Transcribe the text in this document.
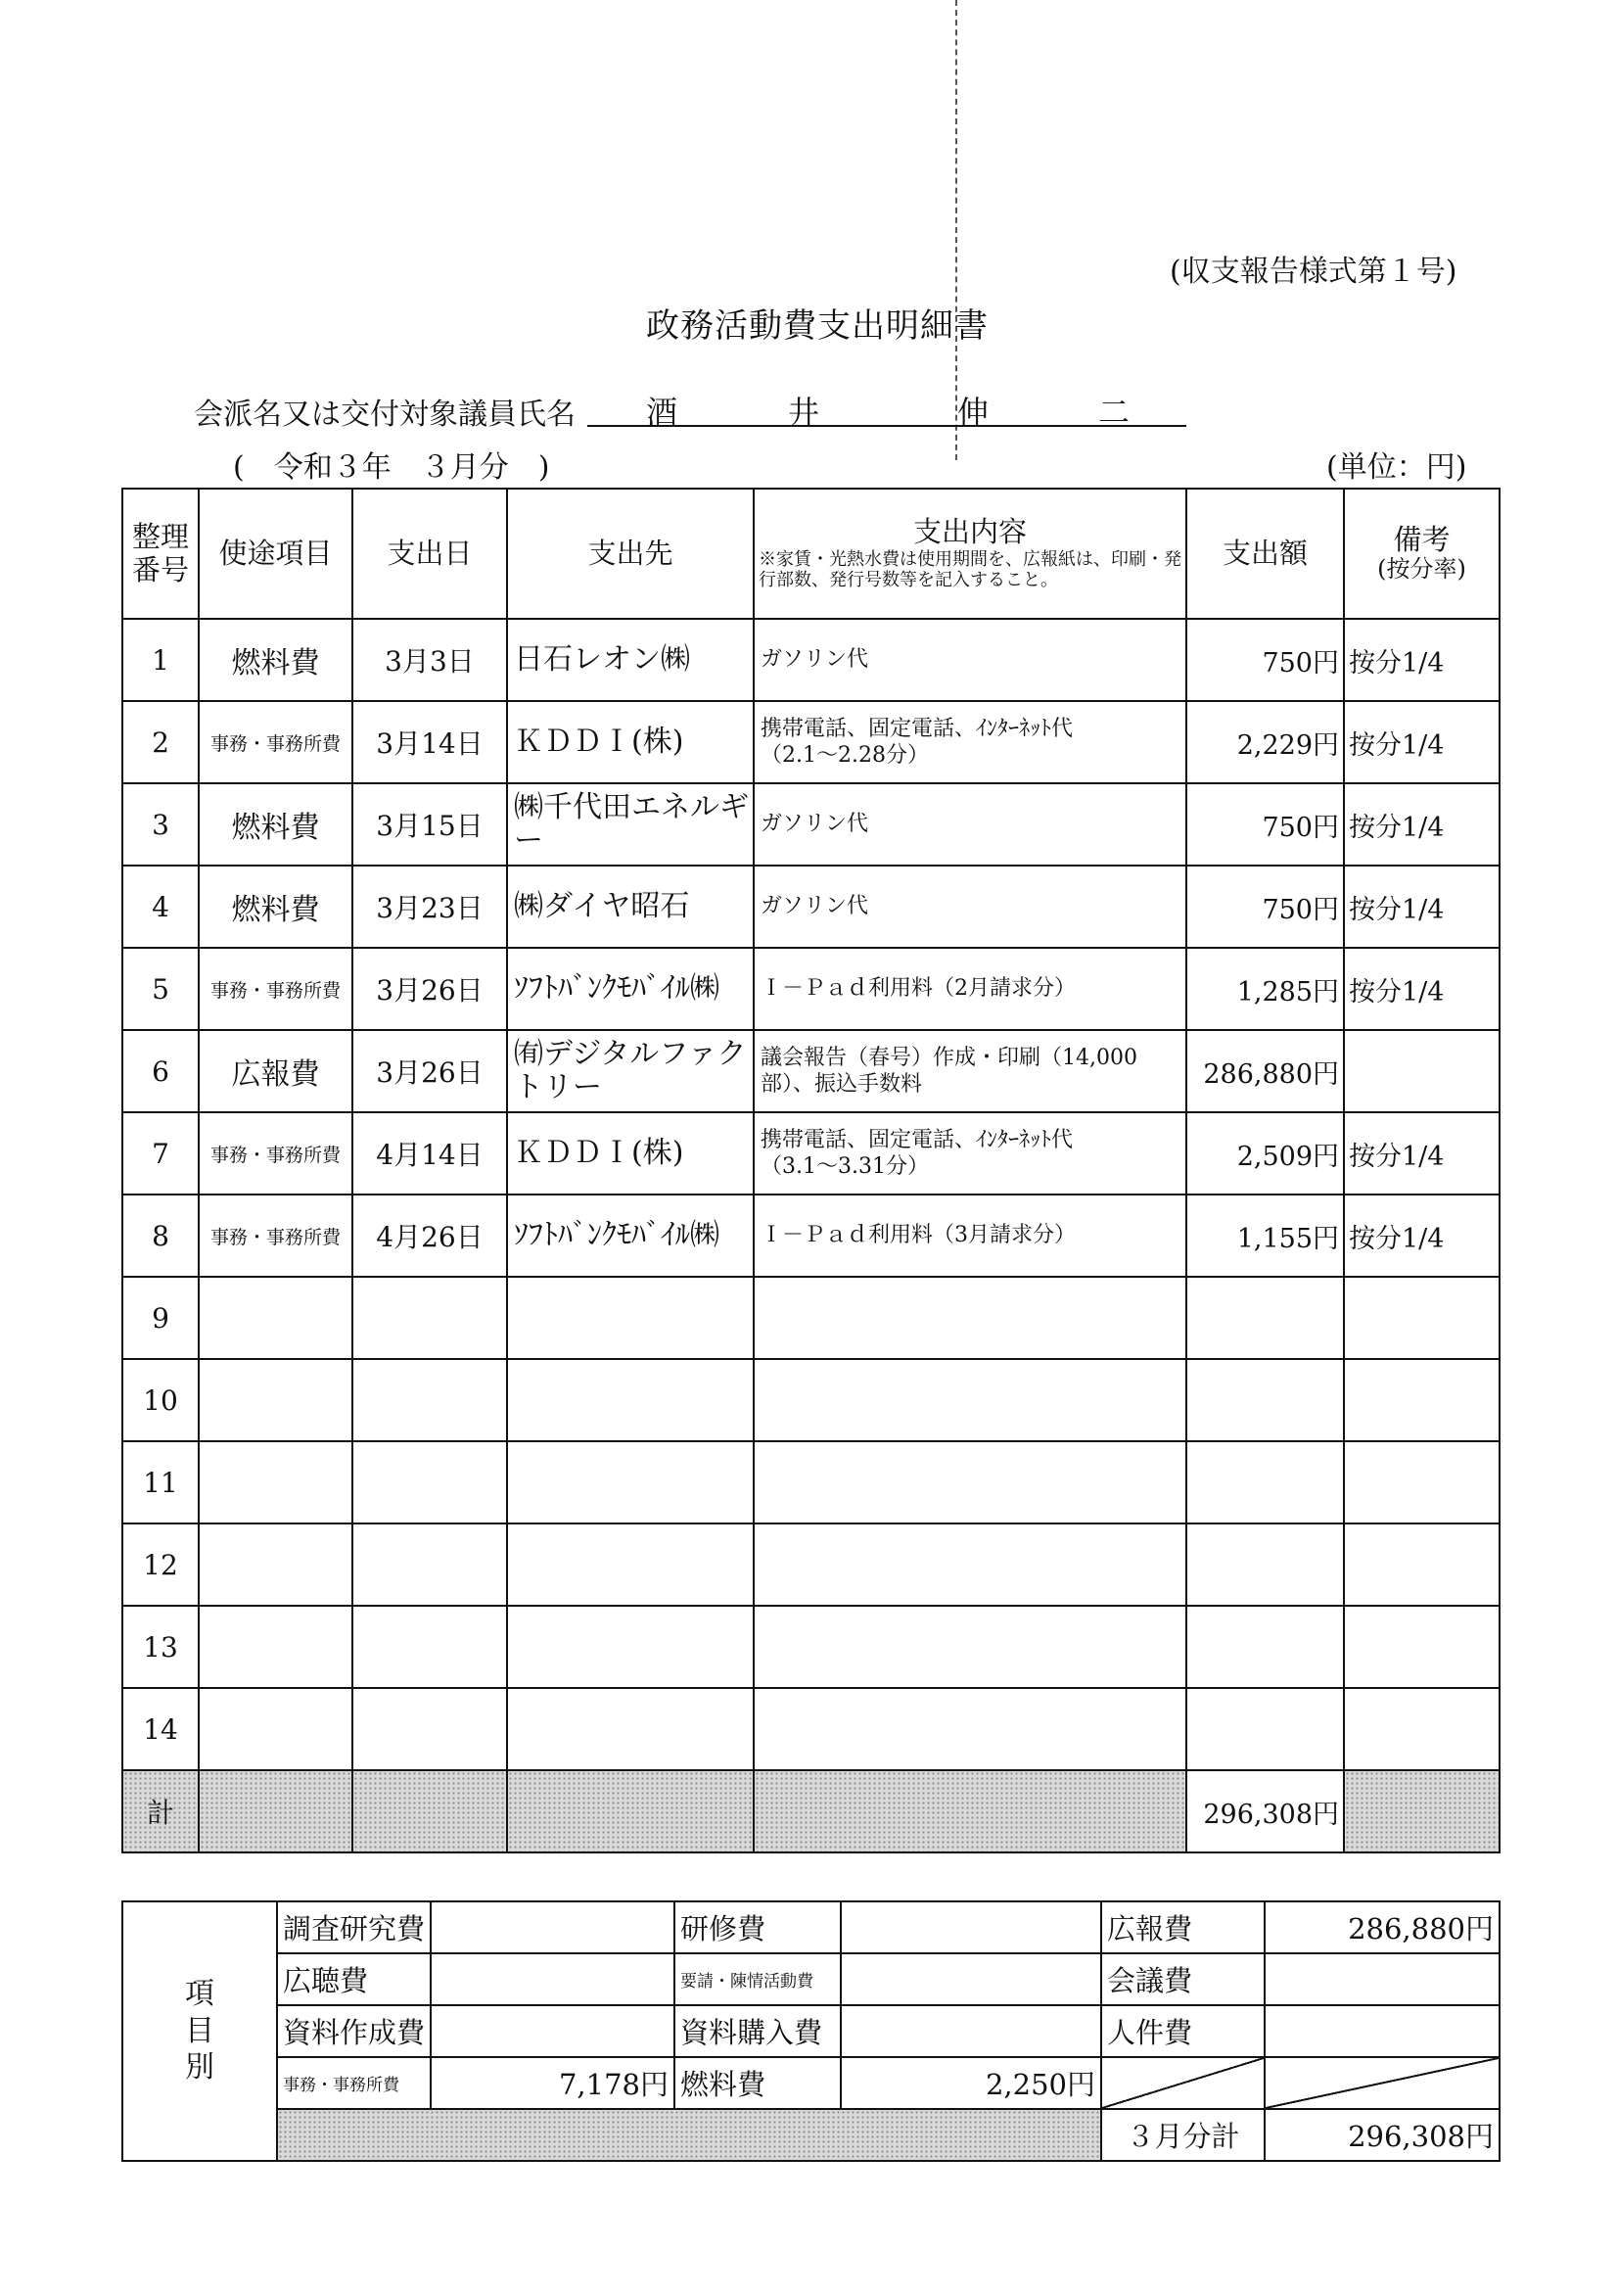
(収支報告様式第１号)
政務活動費支出明細書
会派名又は交付対象議員氏名 酒	井	伸	二
(　令和３年　３月分　)	(単位：円)
整理番号	使途項目	支出日	支出先	支出内容
※家賃・光熱水費は使用期間を、広報紙は、印刷・発行部数、発行号数等を記入すること。	支出額	備考
(按分率)

1	燃料費	3月3日	日石レオン㈱	ガソリン代	750円	按分1/4
2	事務・事務所費	3月14日	ＫＤＤＩ(株)	携帯電話、固定電話、ｲﾝﾀｰﾈｯﾄ代
（2.1～2.28分）	2,229円	按分1/4
3	燃料費	3月15日	㈱千代田エネルギー	ガソリン代	750円	按分1/4
4	燃料費	3月23日	㈱ダイヤ昭石	ガソリン代	750円	按分1/4
5	事務・事務所費	3月26日	ｿﾌﾄﾊﾞﾝｸﾓﾊﾞｲﾙ㈱	Ｉ－Ｐａｄ利用料（2月請求分）	1,285円	按分1/4
6	広報費	3月26日	㈲デジタルファクトリー	議会報告（春号）作成・印刷（14,000部）、振込手数料	286,880円	
7	事務・事務所費	4月14日	ＫＤＤＩ(株)	携帯電話、固定電話、ｲﾝﾀｰﾈｯﾄ代
（3.1～3.31分）	2,509円	按分1/4
8	事務・事務所費	4月26日	ｿﾌﾄﾊﾞﾝｸﾓﾊﾞｲﾙ㈱	Ｉ－Ｐａｄ利用料（3月請求分）	1,155円	按分1/4
9						
10						
11						
12						
13						
14						
計					296,308円	
項
目
別	調査研究費		研修費		広報費	286,880円
	広聴費		要請・陳情活動費		会議費	
	資料作成費		資料購入費		人件費	
	事務・事務所費	7,178円	燃料費	2,250円		
					３月分計	296,308円
